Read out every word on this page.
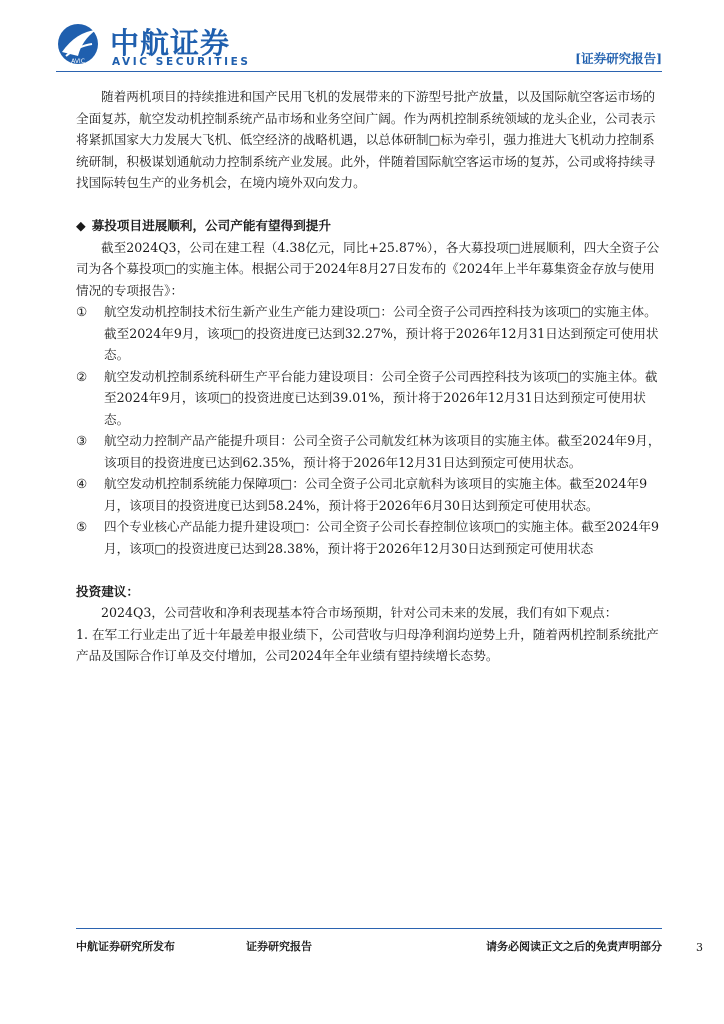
AVIC
中航证券
AVIC SECURITIES	[证券研究报告]

随着两机项目的持续推进和国产民用飞机的发展带来的下游型号批产放量，以及国际航空客运市场的全面复苏，航空发动机控制系统产品市场和业务空间广阔。作为两机控制系统领域的龙头企业，公司表示将紧抓国家大力发展大飞机、低空经济的战略机遇，以总体研制□标为牵引，强力推进大飞机动力控制系统研制，积极谋划通航动力控制系统产业发展。此外，伴随着国际航空客运市场的复苏，公司或将持续寻找国际转包生产的业务机会，在境内境外双向发力。

◆ 募投项目进展顺利，公司产能有望得到提升

截至2024Q3，公司在建工程（4.38亿元，同比+25.87%），各大募投项□进展顺利，四大全资子公司为各个募投项□的实施主体。根据公司于2024年8月27日发布的《2024年上半年募集资金存放与使用情况的专项报告》：

① 航空发动机控制技术衍生新产业生产能力建设项□：公司全资子公司西控科技为该项□的实施主体。截至2024年9月，该项□的投资进度已达到32.27%，预计将于2026年12月31日达到预定可使用状态。
② 航空发动机控制系统科研生产平台能力建设项目：公司全资子公司西控科技为该项□的实施主体。截至2024年9月，该项□的投资进度已达到39.01%，预计将于2026年12月31日达到预定可使用状态。
③ 航空动力控制产品产能提升项目：公司全资子公司航发红林为该项目的实施主体。截至2024年9月，该项目的投资进度已达到62.35%，预计将于2026年12月31日达到预定可使用状态。
④ 航空发动机控制系统能力保障项□：公司全资子公司北京航科为该项目的实施主体。截至2024年9月，该项目的投资进度已达到58.24%，预计将于2026年6月30日达到预定可使用状态。
⑤ 四个专业核心产品能力提升建设项□：公司全资子公司长春控制位该项□的实施主体。截至2024年9月，该项□的投资进度已达到28.38%，预计将于2026年12月30日达到预定可使用状态

投资建议：

2024Q3，公司营收和净利表现基本符合市场预期，针对公司未来的发展，我们有如下观点：

1. 在军工行业走出了近十年最差申报业绩下，公司营收与归母净利润均逆势上升，随着两机控制系统批产产品及国际合作订单及交付增加，公司2024年全年业绩有望持续增长态势。

中航证券研究所发布	证券研究报告	请务必阅读正文之后的免责声明部分	3
